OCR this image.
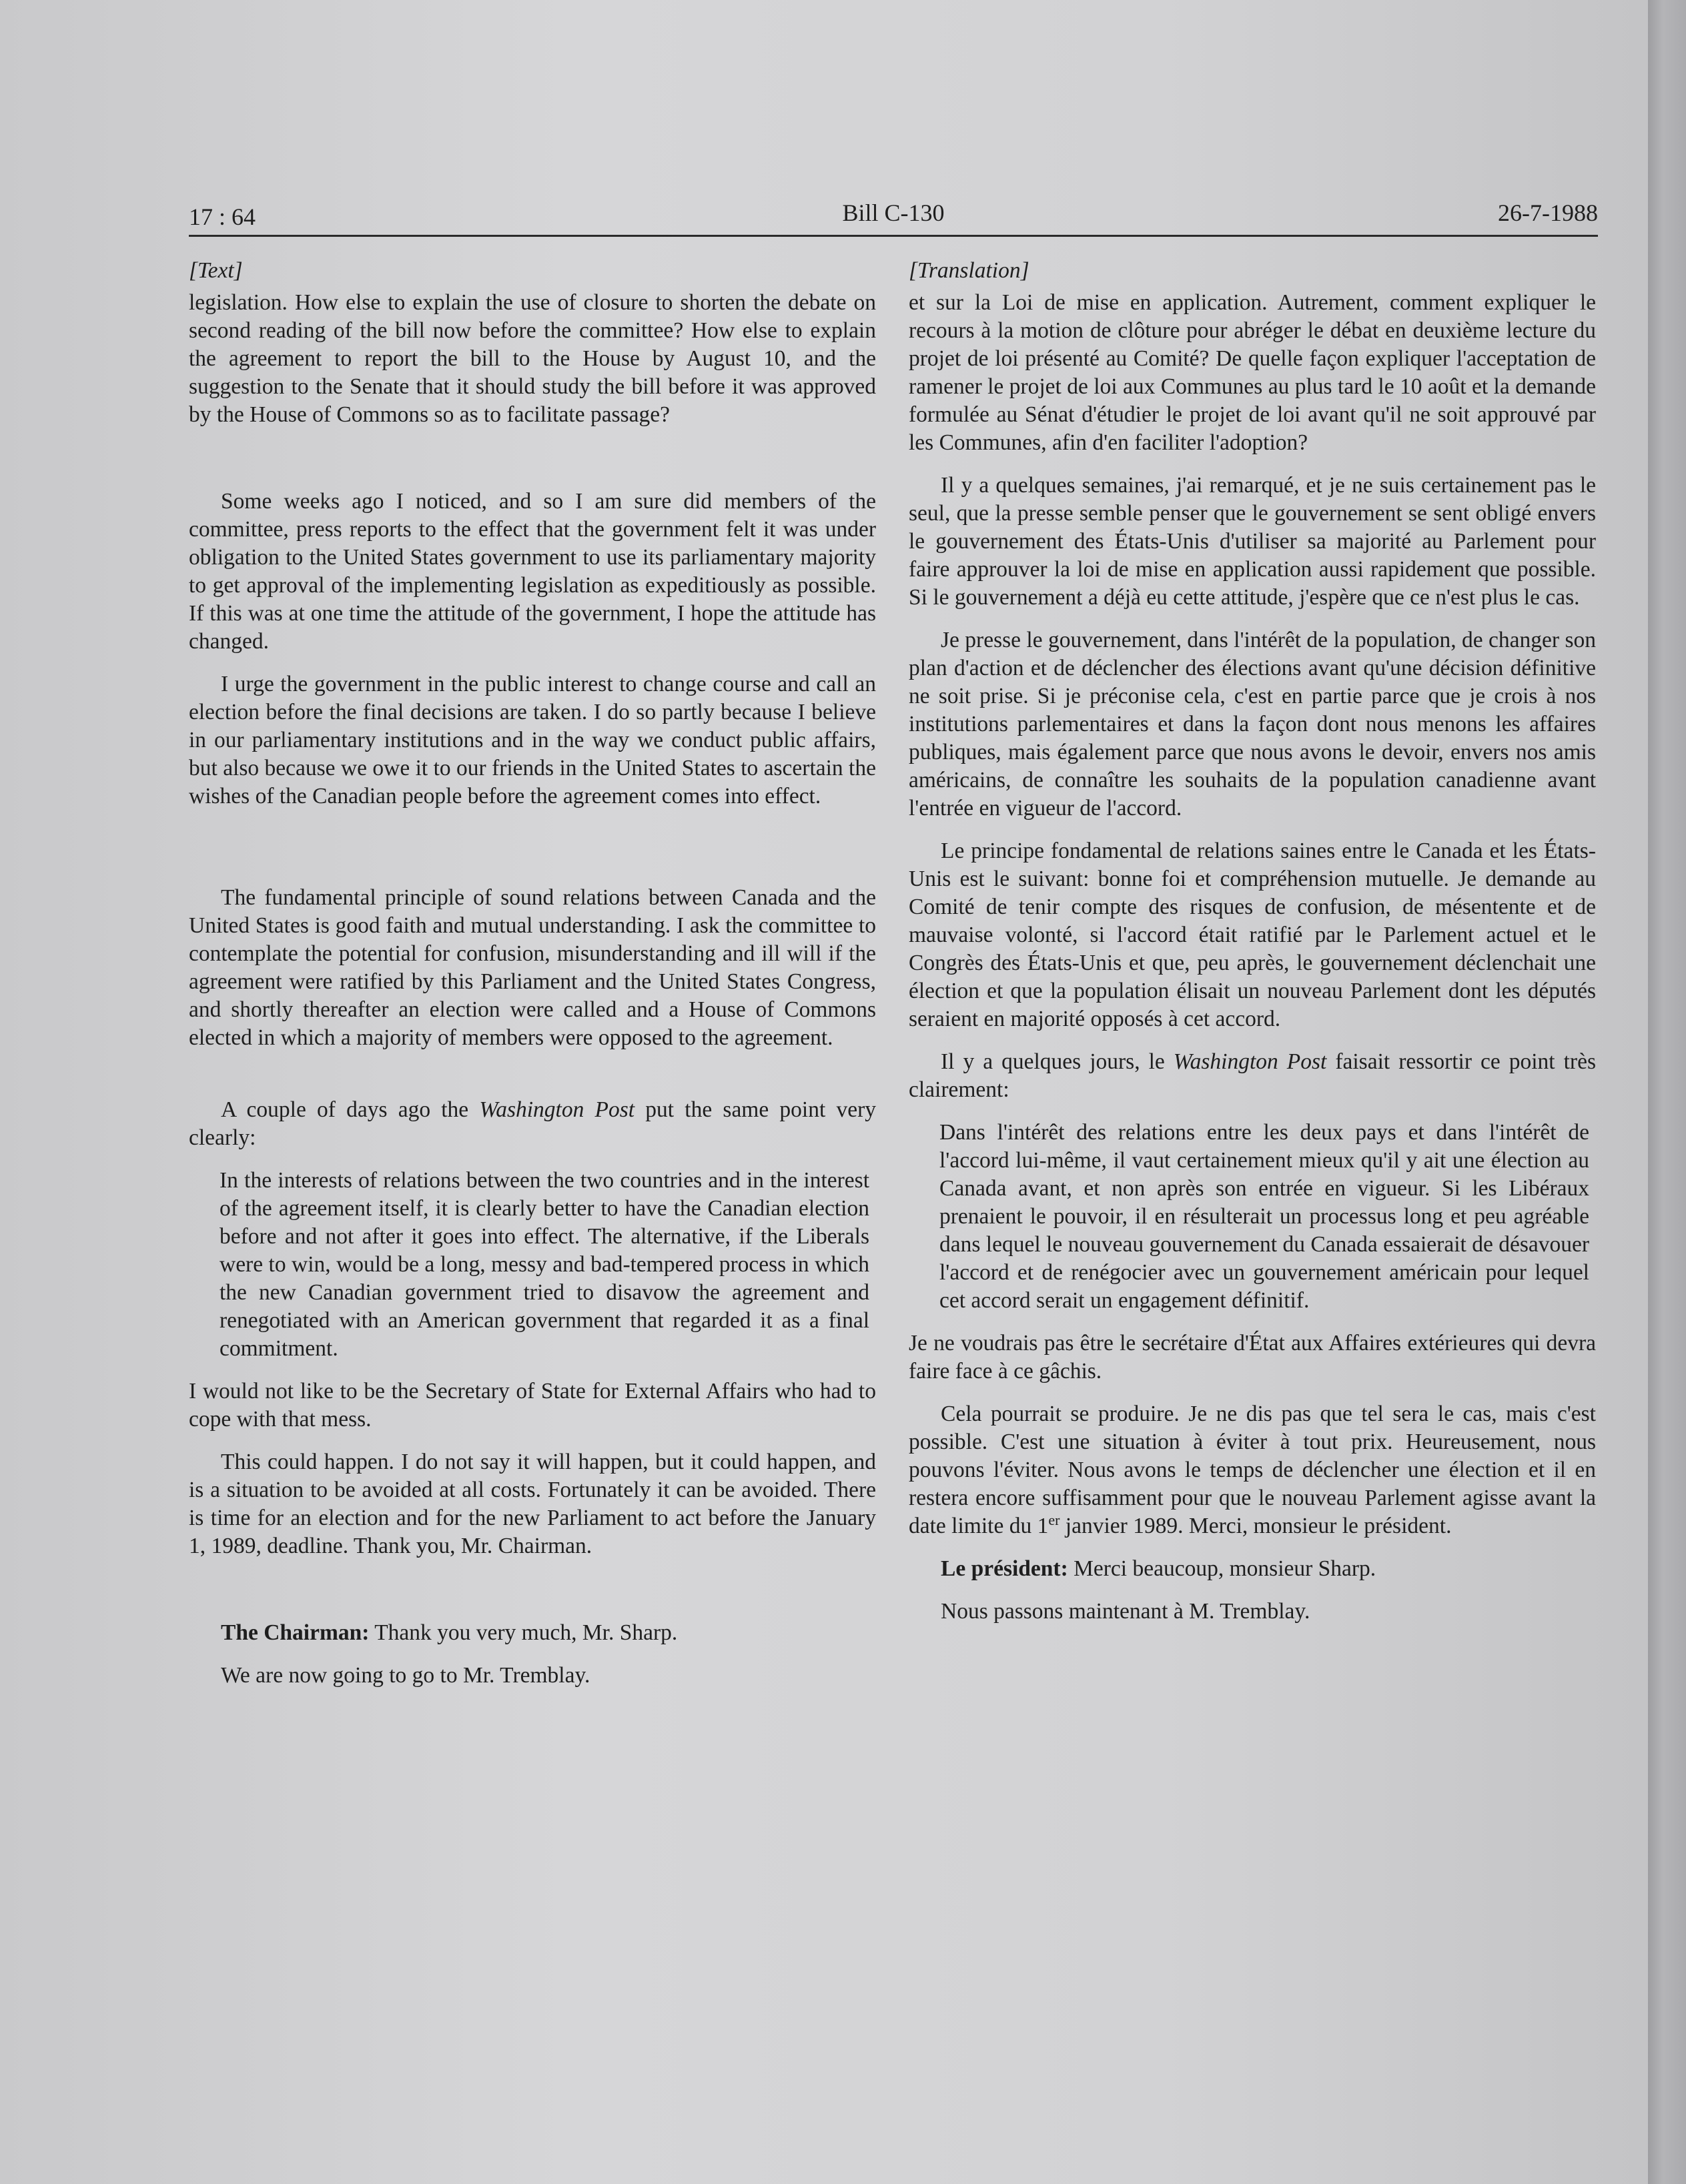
17 : 64	Bill C-130	26-7-1988

[Text]

legislation. How else to explain the use of closure to shorten the debate on second reading of the bill now before the committee? How else to explain the agreement to report the bill to the House by August 10, and the suggestion to the Senate that it should study the bill before it was approved by the House of Commons so as to facilitate passage?

Some weeks ago I noticed, and so I am sure did members of the committee, press reports to the effect that the government felt it was under obligation to the United States government to use its parliamentary majority to get approval of the implementing legislation as expeditiously as possible. If this was at one time the attitude of the government, I hope the attitude has changed.

I urge the government in the public interest to change course and call an election before the final decisions are taken. I do so partly because I believe in our parliamentary institutions and in the way we conduct public affairs, but also because we owe it to our friends in the United States to ascertain the wishes of the Canadian people before the agreement comes into effect.

The fundamental principle of sound relations between Canada and the United States is good faith and mutual understanding. I ask the committee to contemplate the potential for confusion, misunderstanding and ill will if the agreement were ratified by this Parliament and the United States Congress, and shortly thereafter an election were called and a House of Commons elected in which a majority of members were opposed to the agreement.

A couple of days ago the Washington Post put the same point very clearly:

In the interests of relations between the two countries and in the interest of the agreement itself, it is clearly better to have the Canadian election before and not after it goes into effect. The alternative, if the Liberals were to win, would be a long, messy and bad-tempered process in which the new Canadian government tried to disavow the agreement and renegotiated with an American government that regarded it as a final commitment.

I would not like to be the Secretary of State for External Affairs who had to cope with that mess.

This could happen. I do not say it will happen, but it could happen, and is a situation to be avoided at all costs. Fortunately it can be avoided. There is time for an election and for the new Parliament to act before the January 1, 1989, deadline. Thank you, Mr. Chairman.

The Chairman: Thank you very much, Mr. Sharp.

We are now going to go to Mr. Tremblay.

[Translation]

et sur la Loi de mise en application. Autrement, comment expliquer le recours à la motion de clôture pour abréger le débat en deuxième lecture du projet de loi présenté au Comité? De quelle façon expliquer l'acceptation de ramener le projet de loi aux Communes au plus tard le 10 août et la demande formulée au Sénat d'étudier le projet de loi avant qu'il ne soit approuvé par les Communes, afin d'en faciliter l'adoption?

Il y a quelques semaines, j'ai remarqué, et je ne suis certainement pas le seul, que la presse semble penser que le gouvernement se sent obligé envers le gouvernement des États-Unis d'utiliser sa majorité au Parlement pour faire approuver la loi de mise en application aussi rapidement que possible. Si le gouvernement a déjà eu cette attitude, j'espère que ce n'est plus le cas.

Je presse le gouvernement, dans l'intérêt de la population, de changer son plan d'action et de déclencher des élections avant qu'une décision définitive ne soit prise. Si je préconise cela, c'est en partie parce que je crois à nos institutions parlementaires et dans la façon dont nous menons les affaires publiques, mais également parce que nous avons le devoir, envers nos amis américains, de connaître les souhaits de la population canadienne avant l'entrée en vigueur de l'accord.

Le principe fondamental de relations saines entre le Canada et les États-Unis est le suivant: bonne foi et compréhension mutuelle. Je demande au Comité de tenir compte des risques de confusion, de mésentente et de mauvaise volonté, si l'accord était ratifié par le Parlement actuel et le Congrès des États-Unis et que, peu après, le gouvernement déclenchait une élection et que la population élisait un nouveau Parlement dont les députés seraient en majorité opposés à cet accord.

Il y a quelques jours, le Washington Post faisait ressortir ce point très clairement:

Dans l'intérêt des relations entre les deux pays et dans l'intérêt de l'accord lui-même, il vaut certainement mieux qu'il y ait une élection au Canada avant, et non après son entrée en vigueur. Si les Libéraux prenaient le pouvoir, il en résulterait un processus long et peu agréable dans lequel le nouveau gouvernement du Canada essaierait de désavouer l'accord et de renégocier avec un gouvernement américain pour lequel cet accord serait un engagement définitif.

Je ne voudrais pas être le secrétaire d'État aux Affaires extérieures qui devra faire face à ce gâchis.

Cela pourrait se produire. Je ne dis pas que tel sera le cas, mais c'est possible. C'est une situation à éviter à tout prix. Heureusement, nous pouvons l'éviter. Nous avons le temps de déclencher une élection et il en restera encore suffisamment pour que le nouveau Parlement agisse avant la date limite du 1er janvier 1989. Merci, monsieur le président.

Le président: Merci beaucoup, monsieur Sharp.

Nous passons maintenant à M. Tremblay.
